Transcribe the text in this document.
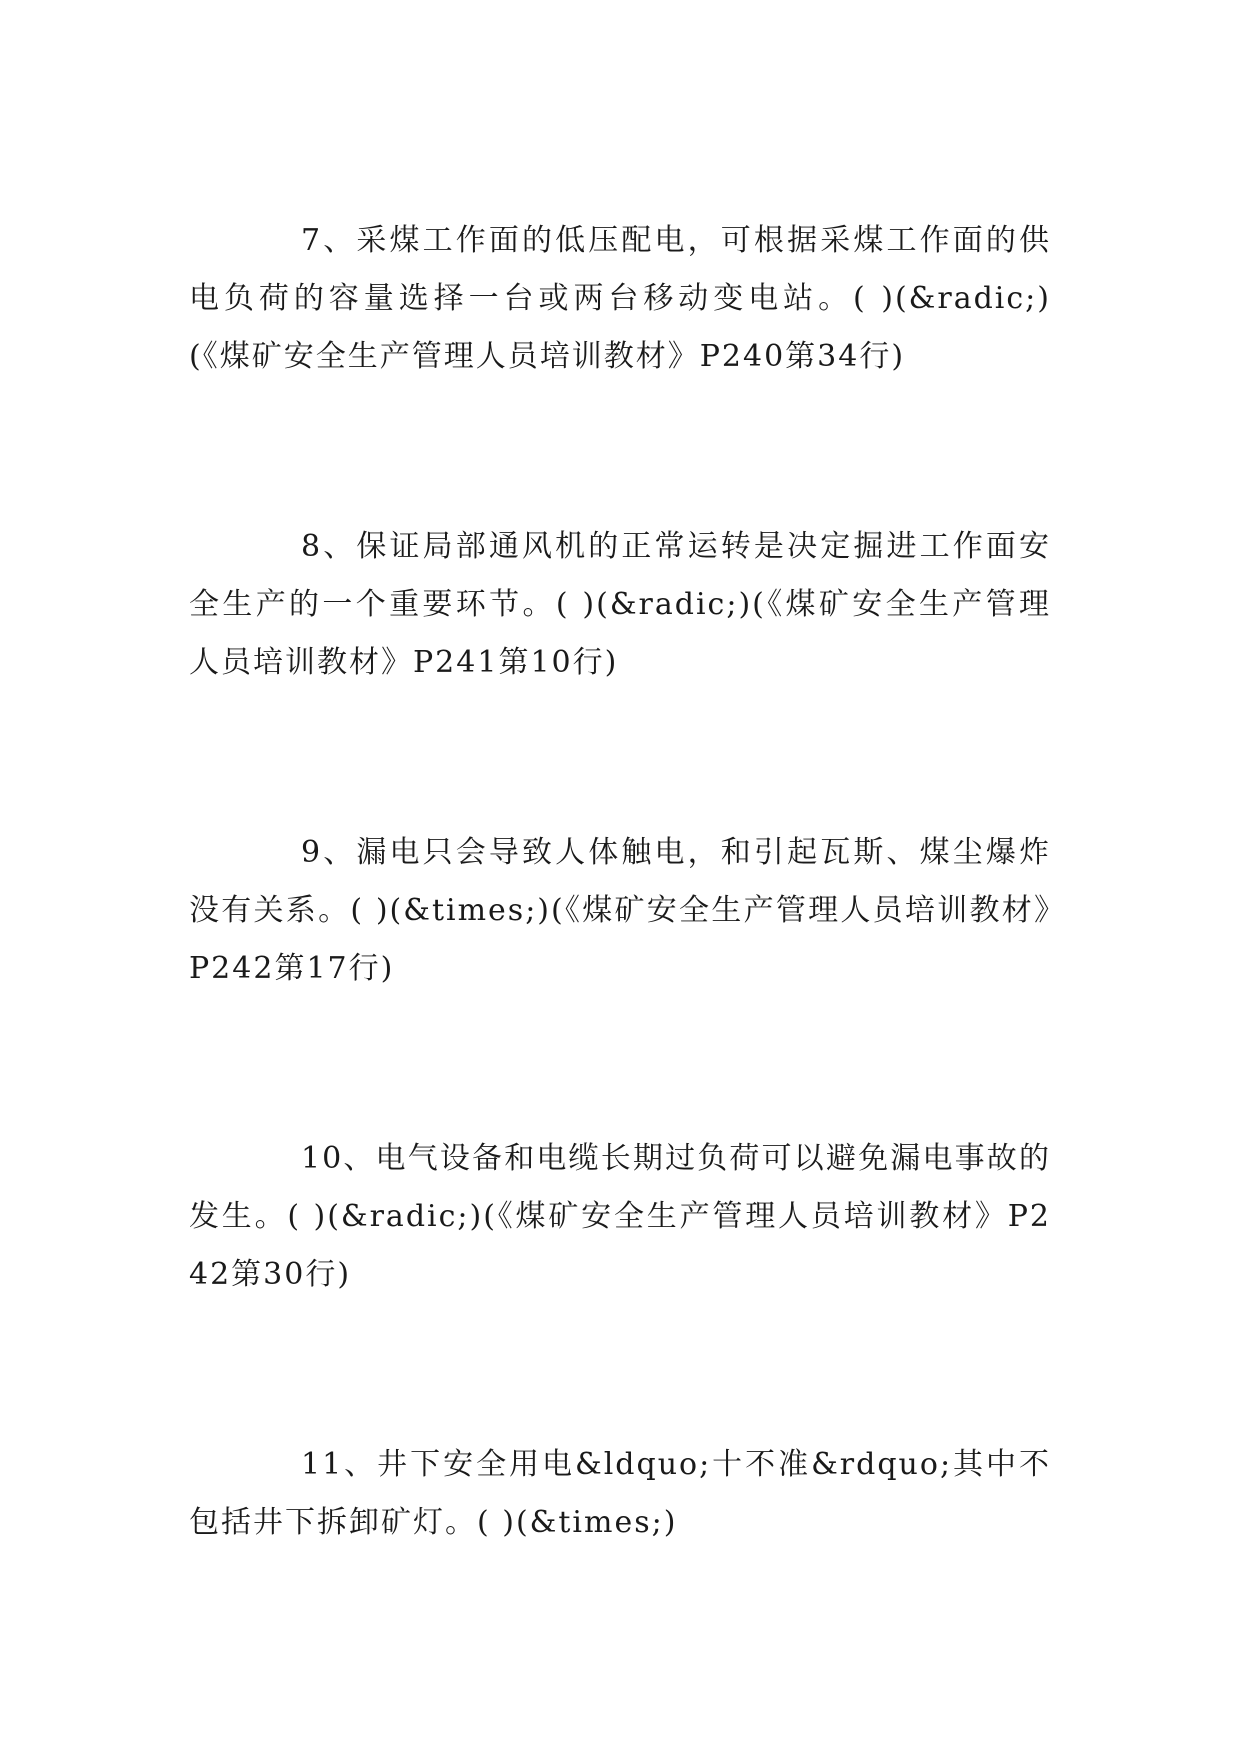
7、采煤工作面的低压配电，可根据采煤工作面的供电负荷的容量选择一台或两台移动变电站。( )(&radic;)(《煤矿安全生产管理人员培训教材》P240第34行)

8、保证局部通风机的正常运转是决定掘进工作面安全生产的一个重要环节。( )(&radic;)(《煤矿安全生产管理人员培训教材》P241第10行)

9、漏电只会导致人体触电，和引起瓦斯、煤尘爆炸没有关系。( )(&times;)(《煤矿安全生产管理人员培训教材》P242第17行)

10、电气设备和电缆长期过负荷可以避免漏电事故的发生。( )(&radic;)(《煤矿安全生产管理人员培训教材》P242第30行)

11、井下安全用电&ldquo;十不准&rdquo;其中不包括井下拆卸矿灯。( )(&times;)
